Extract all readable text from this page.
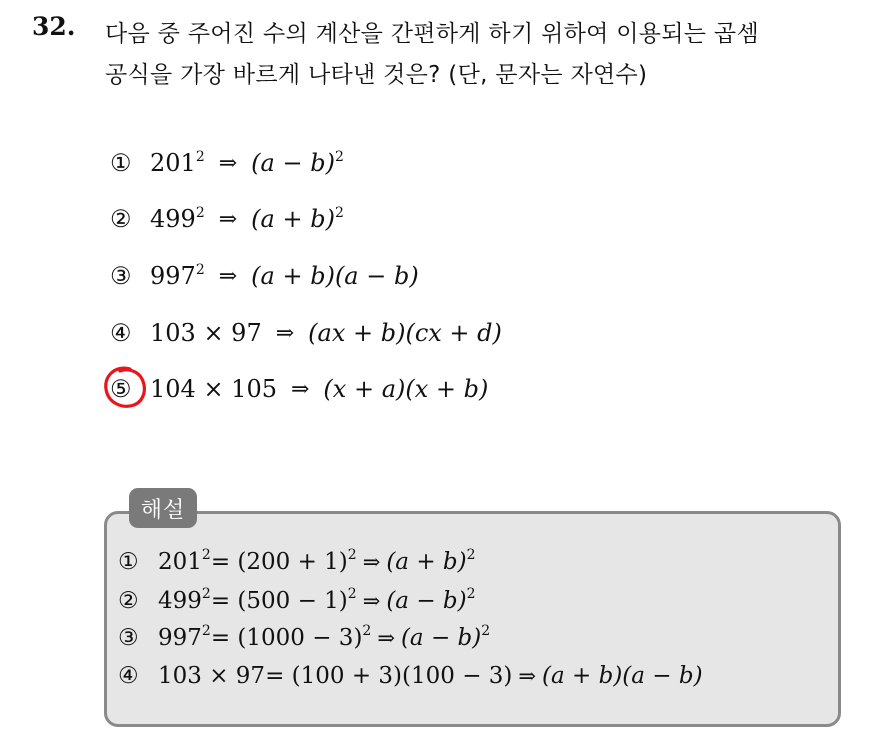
32. 다음 중 주어진 수의 계산을 간편하게 하기 위하여 이용되는 곱셈
공식을 가장 바르게 나타낸 것은? (단, 문자는 자연수)
① $201^2$ ⇒ $(a - b)^2$
② $499^2$ ⇒ $(a + b)^2$
③ $997^2$ ⇒ (a + b)(a − b)
④ 103 × 97 ⇒ (ax + b)(cx + d)
⑤ 104 × 105 ⇒ (x + a)(x + b)
해설
① $201^2 = (200 + 1)^2$ ⇒ $(a + b)^2$
② $499^2 = (500 - 1)^2$ ⇒ $(a - b)^2$
③ $997^2 = (1000 - 3)^2$ ⇒ $(a - b)^2$
④ 103 × 97 = (100 + 3)(100 − 3) ⇒ (a + b)(a − b)
